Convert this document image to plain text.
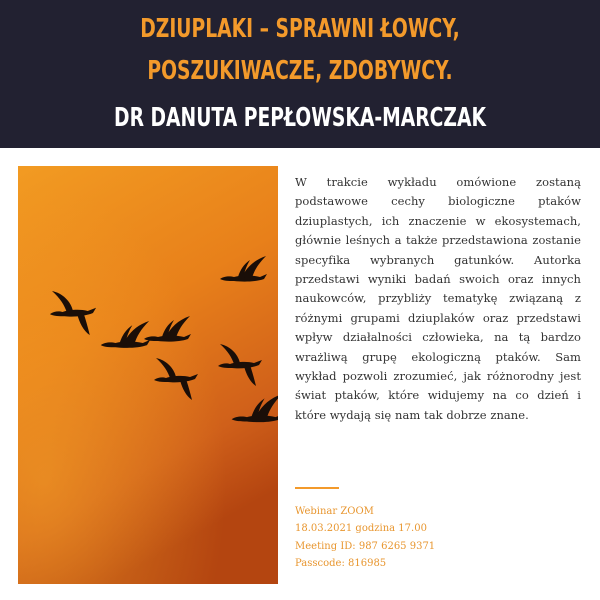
DZIUPLAKI – SPRAWNI ŁOWCY,
POSZUKIWACZE, ZDOBYWCY.
DR DANUTA PEPŁOWSKA-MARCZAK
W trakcie wykładu omówione zostaną podstawowe cechy biologiczne ptaków dziuplastych, ich znaczenie w ekosystemach, głównie leśnych a także przedstawiona zostanie specyfika wybranych gatunków. Autorka przedstawi wyniki badań swoich oraz innych naukowców, przybliży tematykę związaną z różnymi grupami dziuplaków oraz przedstawi wpływ działalności człowieka, na tą bardzo wrażliwą grupę ekologiczną ptaków. Sam wykład pozwoli zrozumieć, jak różnorodny jest świat ptaków, które widujemy na co dzień i które wydają się nam tak dobrze znane.
Webinar ZOOM
18.03.2021 godzina 17.00
Meeting ID: 987 6265 9371
Passcode: 816985
